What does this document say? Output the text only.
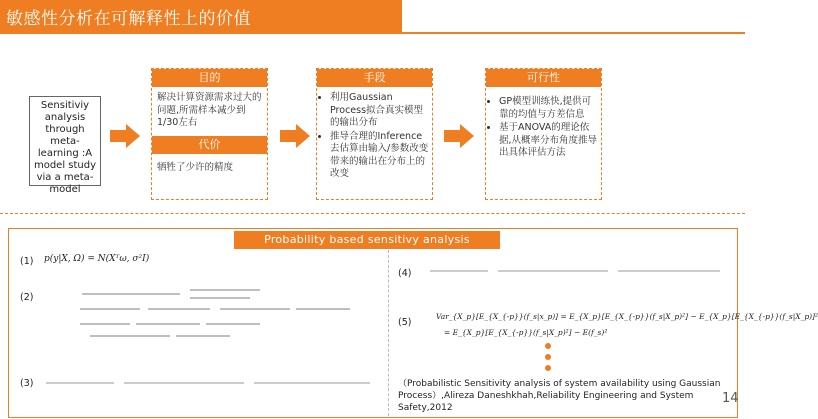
敏感性分析在可解释性上的价值
Sensitiviy analysis through meta-learning :A model study via a meta-model
目的
解决计算资源需求过大的问题,所需样本减少到1/30左右
代价
牺牲了少许的精度
手段
• 利用Gaussian Process拟合真实模型的输出分布
• 推导合理的Inference 去估算由输入/参数改变带来的输出在分布上的改变
可行性
• GP模型训练快,提供可靠的均值与方差信息
• 基于ANOVA的理论依据,从概率分布角度推导出具体评估方法
Probability based sensitivy analysis
(1) p(y|X, Ω) = N(Xᵀω, σ²I)
(2)
(3)
(4)
(5)
Var_{X_p}[E_{X_{-p}}(f_s|x_p)] = E_{X_p}[E_{X_{-p}}(f_s|X_p)²] − E_{X_p}[E_{X_{-p}}(f_s|X_p)]²
= E_{X_p}[E_{X_{-p}}(f_s|X_p)²] − E(f_s)²
（Probabilistic Sensitivity analysis of system availability using Gaussian Process）,Alireza Daneshkhah,Reliability Engineering and System Safety,2012
14
